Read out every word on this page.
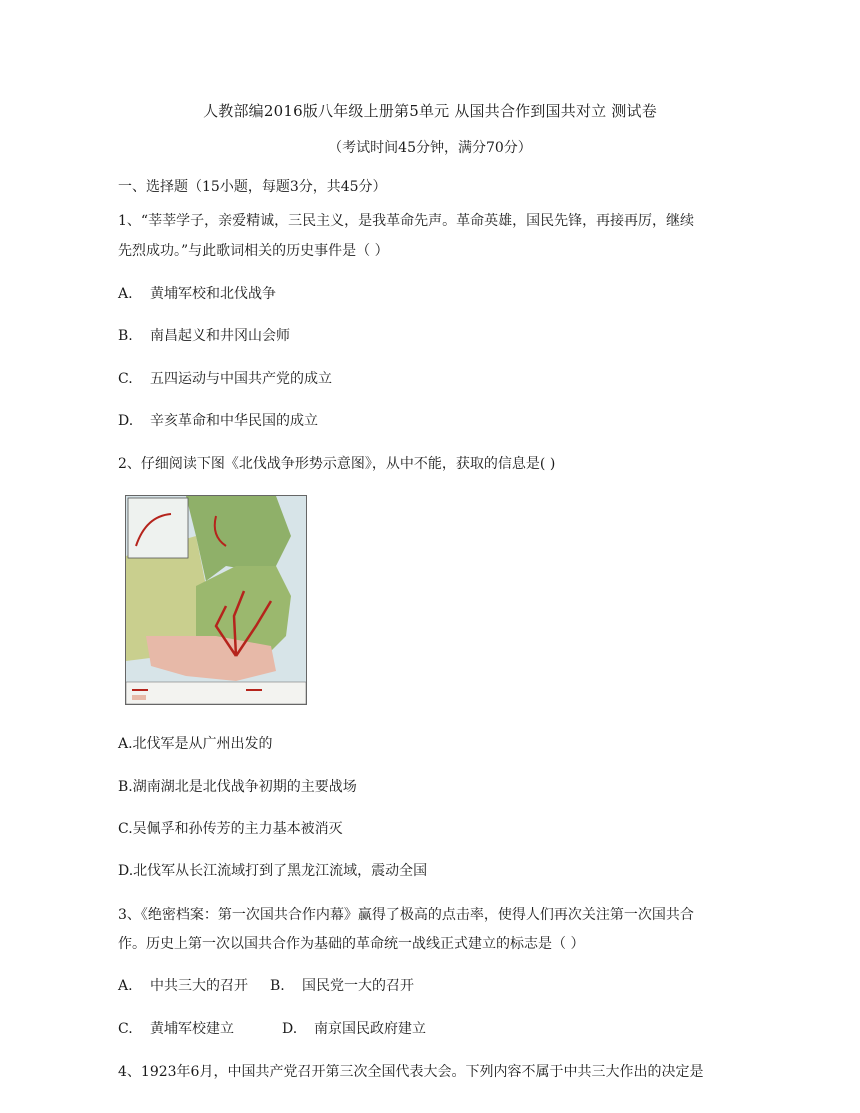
人教部编2016版八年级上册第5单元 从国共合作到国共对立 测试卷
（考试时间45分钟，满分70分）
一、选择题（15小题，每题3分，共45分）
1、“莘莘学子，亲爱精诚，三民主义，是我革命先声。革命英雄，国民先锋，再接再厉，继续
先烈成功。”与此歌词相关的历史事件是（ ）
A. 黄埔军校和北伐战争
B. 南昌起义和井冈山会师
C. 五四运动与中国共产党的成立
D. 辛亥革命和中华民国的成立
2、仔细阅读下图《北伐战争形势示意图》，从中不能，获取的信息是( )
A.北伐军是从广州出发的
B.湖南湖北是北伐战争初期的主要战场
C.吴佩孚和孙传芳的主力基本被消灭
D.北伐军从长江流域打到了黑龙江流域，震动全国
3、《绝密档案：第一次国共合作内幕》赢得了极高的点击率，使得人们再次关注第一次国共合
作。历史上第一次以国共合作为基础的革命统一战线正式建立的标志是（ ）
A. 中共三大的召开 B. 国民党一大的召开
C. 黄埔军校建立	D. 南京国民政府建立
4、1923年6月，中国共产党召开第三次全国代表大会。下列内容不属于中共三大作出的决定是
